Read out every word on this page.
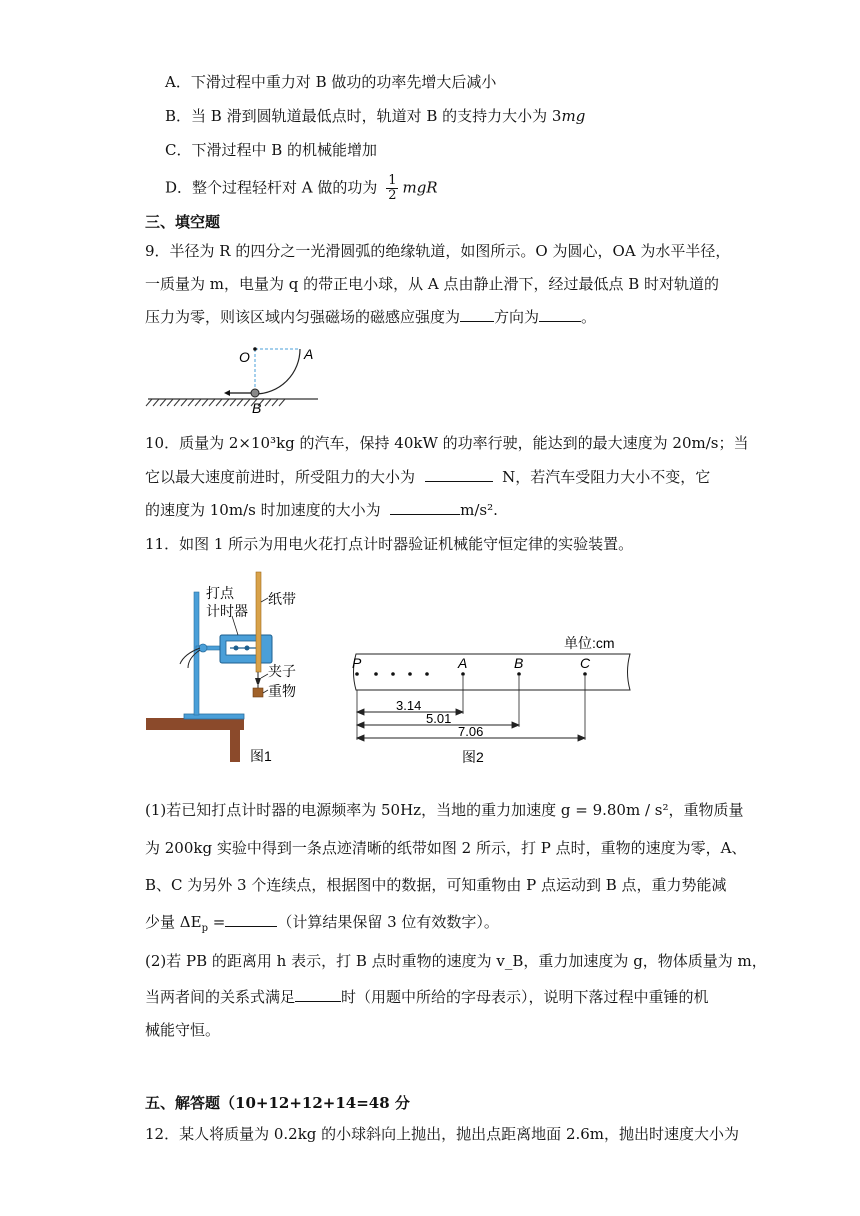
A．下滑过程中重力对 B 做功的功率先增大后减小
B．当 B 滑到圆轨道最低点时，轨道对 B 的支持力大小为 3mg
C．下滑过程中 B 的机械能增加
D．整个过程轻杆对 A 做的功为 $\frac{1}{2}$ mgR
三、填空题
9．半径为 R 的四分之一光滑圆弧的绝缘轨道，如图所示。O 为圆心，OA 为水平半径，
一质量为 m，电量为 q 的带正电小球，从 A 点由静止滑下，经过最低点 B 时对轨道的
压力为零，则该区域内匀强磁场的磁感应强度为 方向为	。
O	A
B
10．质量为 2×10³kg 的汽车，保持 40kW 的功率行驶，能达到的最大速度为 20m/s；当
它以最大速度前进时，所受阻力的大小为	N，若汽车受阻力大小不变，它
的速度为 10m/s 时加速度的大小为	m/s².
11．如图 1 所示为用电火花打点计时器验证机械能守恒定律的实验装置。
打点
计时器
纸带
夹子
重物
图1
单位:cm
P	A	B	C
3.14
5.01
7.06
图2
(1)若已知打点计时器的电源频率为 50Hz，当地的重力加速度 g = 9.80m / s²，重物质量
为 200kg 实验中得到一条点迹清晰的纸带如图 2 所示，打 P 点时，重物的速度为零，A、
B、C 为另外 3 个连续点，根据图中的数据，可知重物由 P 点运动到 B 点，重力势能减
少量 $\Delta E_p$ =	（计算结果保留 3 位有效数字）。
(2)若 PB 的距离用 h 表示，打 B 点时重物的速度为 v_B，重力加速度为 g，物体质量为 m，
当两者间的关系式满足	时（用题中所给的字母表示），说明下落过程中重锤的机
械能守恒。
五、解答题（10+12+12+14=48 分
12．某人将质量为 0.2kg 的小球斜向上抛出，抛出点距离地面 2.6m，抛出时速度大小为
